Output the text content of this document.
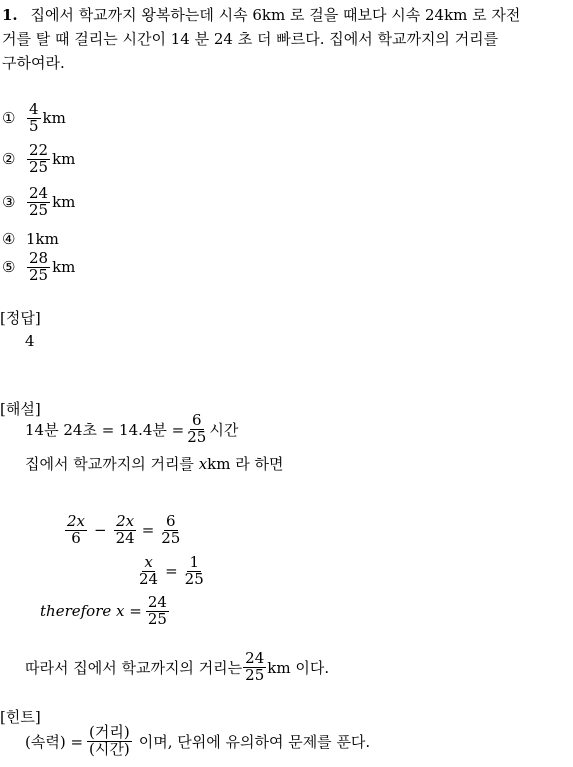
1. 집에서 학교까지 왕복하는데 시속 6km 로 걸을 때보다 시속 24km 로 자전
거를 탈 때 걸리는 시간이 14 분 24 초 더 빠르다. 집에서 학교까지의 거리를
구하여라.
① $\frac{4}{5}$ km
② $\frac{22}{25}$ km
③ $\frac{24}{25}$ km
④ 1km
⑤ $\frac{28}{25}$ km
[정답]
4
[해설]
14분 24초 = 14.4분 = $\frac{6}{25}$ 시간
집에서 학교까지의 거리를 xkm 라 하면
$\frac{2x}{6} - \frac{2x}{24} = \frac{6}{25}$
$\frac{x}{24} = \frac{1}{25}$
therefore $x = \frac{24}{25}$
따라서 집에서 학교까지의 거리는 $\frac{24}{25}$ km 이다.
[힌트]
(속력) = $\frac{\text{(거리)}}{\text{(시간)}}$ 이며, 단위에 유의하여 문제를 푼다.
